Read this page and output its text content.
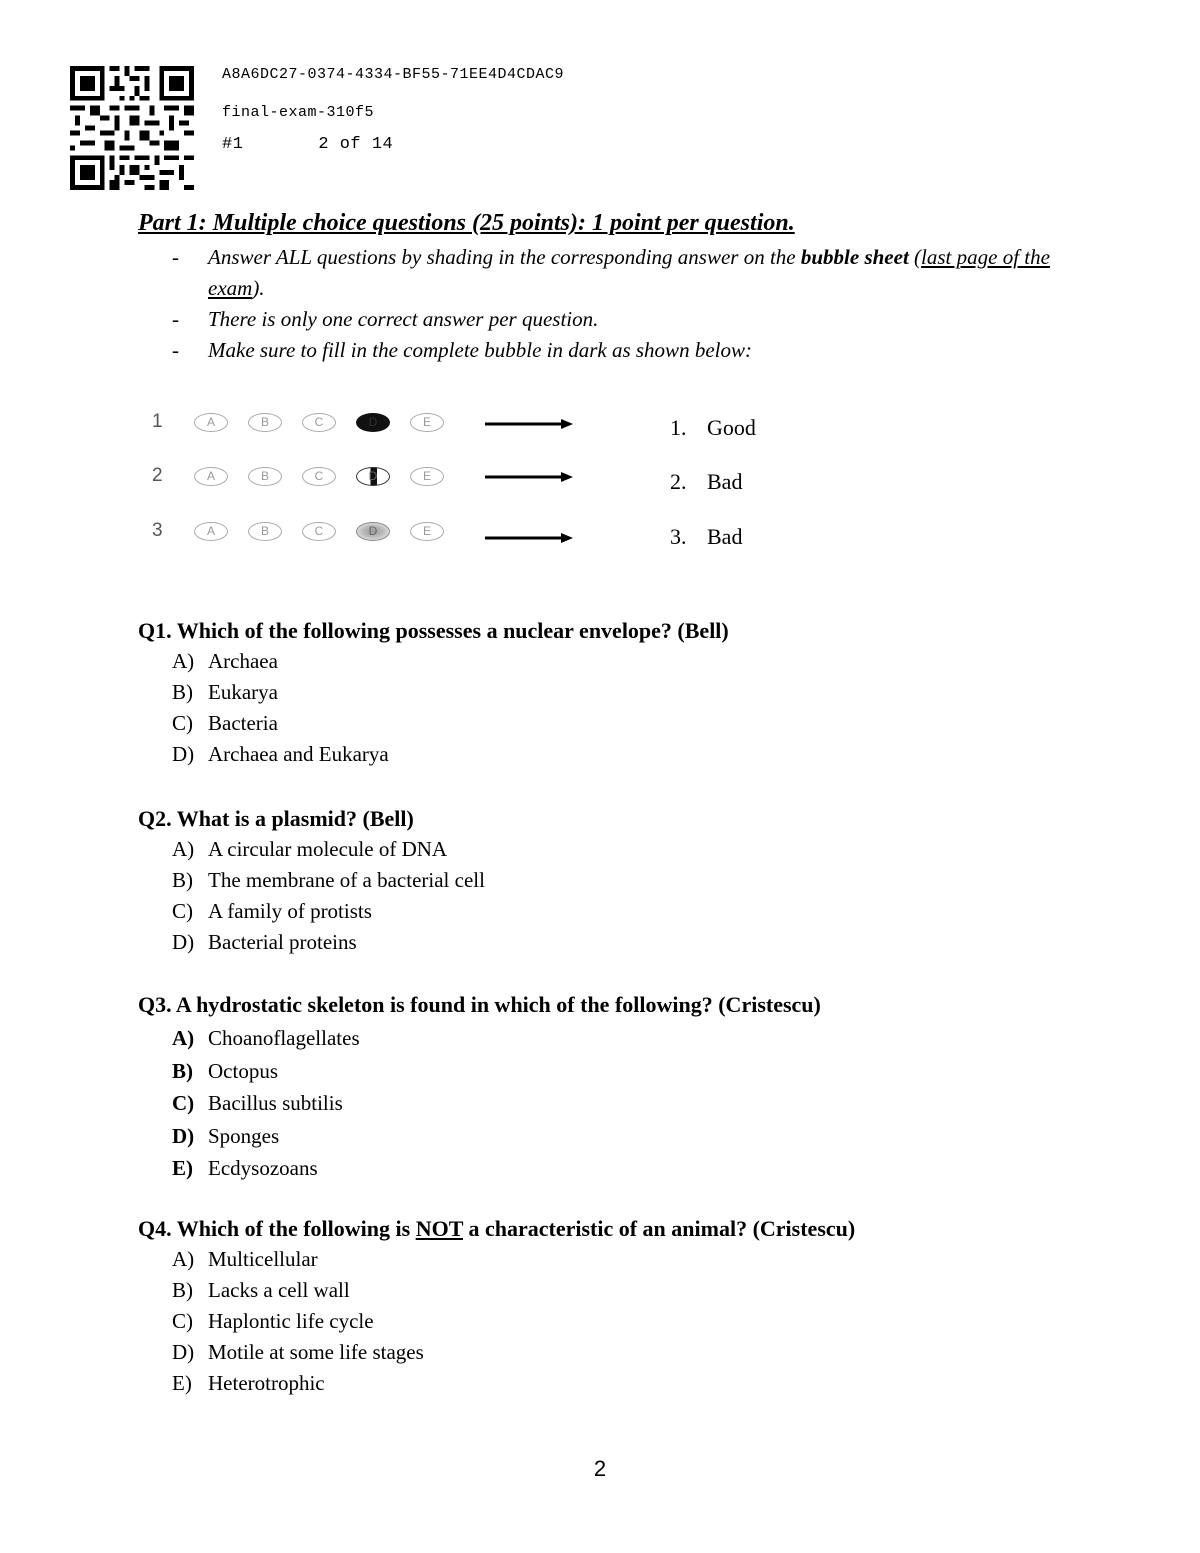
A8A6DC27-0374-4334-BF55-71EE4D4CDAC9
final-exam-310f5
#1	2 of 14
Part 1: Multiple choice questions (25 points): 1 point per question.
- Answer ALL questions by shading in the corresponding answer on the bubble sheet (last page of the exam).
- There is only one correct answer per question.
- Make sure to fill in the complete bubble in dark as shown below:
1	A	B	C	D	E	1. Good
2	A	B	C	D	E	2. Bad
3	A	B	C	D	E	3. Bad
Q1. Which of the following possesses a nuclear envelope? (Bell)
A) Archaea
B) Eukarya
C) Bacteria
D) Archaea and Eukarya
Q2. What is a plasmid? (Bell)
A) A circular molecule of DNA
B) The membrane of a bacterial cell
C) A family of protists
D) Bacterial proteins
Q3. A hydrostatic skeleton is found in which of the following? (Cristescu)
A) Choanoflagellates
B) Octopus
C) Bacillus subtilis
D) Sponges
E) Ecdysozoans
Q4. Which of the following is NOT a characteristic of an animal? (Cristescu)
A) Multicellular
B) Lacks a cell wall
C) Haplontic life cycle
D) Motile at some life stages
E) Heterotrophic
2
